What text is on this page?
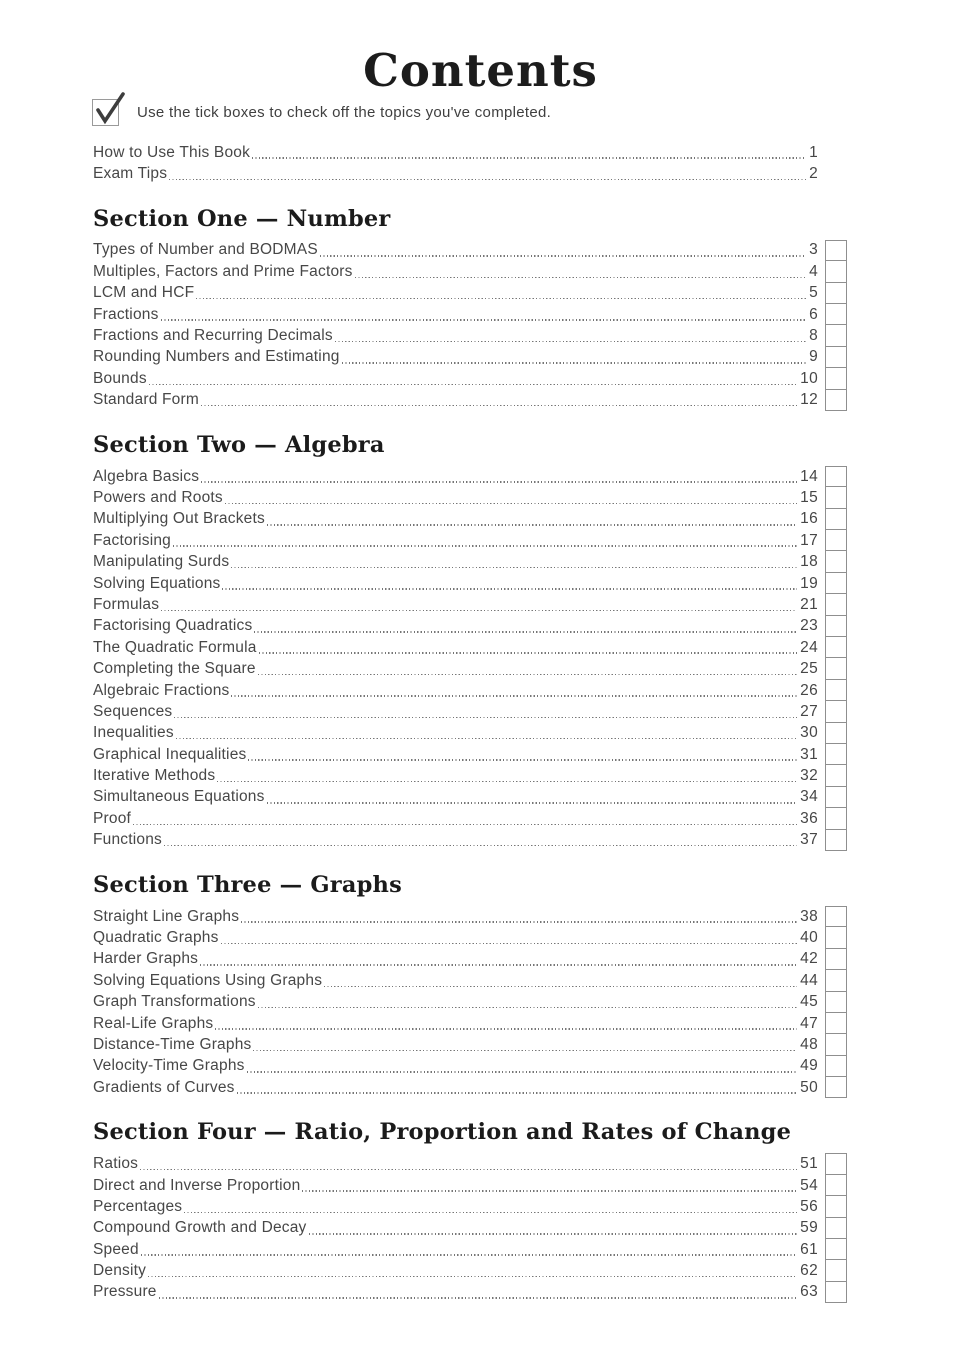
Contents
Use the tick boxes to check off the topics you've completed.
How to Use This Book	1
Exam Tips	2
Section One — Number
Types of Number and BODMAS	3
Multiples, Factors and Prime Factors	4
LCM and HCF	5
Fractions	6
Fractions and Recurring Decimals	8
Rounding Numbers and Estimating	9
Bounds	10
Standard Form	12
Section Two — Algebra
Algebra Basics	14
Powers and Roots	15
Multiplying Out Brackets	16
Factorising	17
Manipulating Surds	18
Solving Equations	19
Formulas	21
Factorising Quadratics	23
The Quadratic Formula	24
Completing the Square	25
Algebraic Fractions	26
Sequences	27
Inequalities	30
Graphical Inequalities	31
Iterative Methods	32
Simultaneous Equations	34
Proof	36
Functions	37
Section Three — Graphs
Straight Line Graphs	38
Quadratic Graphs	40
Harder Graphs	42
Solving Equations Using Graphs	44
Graph Transformations	45
Real-Life Graphs	47
Distance-Time Graphs	48
Velocity-Time Graphs	49
Gradients of Curves	50
Section Four — Ratio, Proportion and Rates of Change
Ratios	51
Direct and Inverse Proportion	54
Percentages	56
Compound Growth and Decay	59
Speed	61
Density	62
Pressure	63
